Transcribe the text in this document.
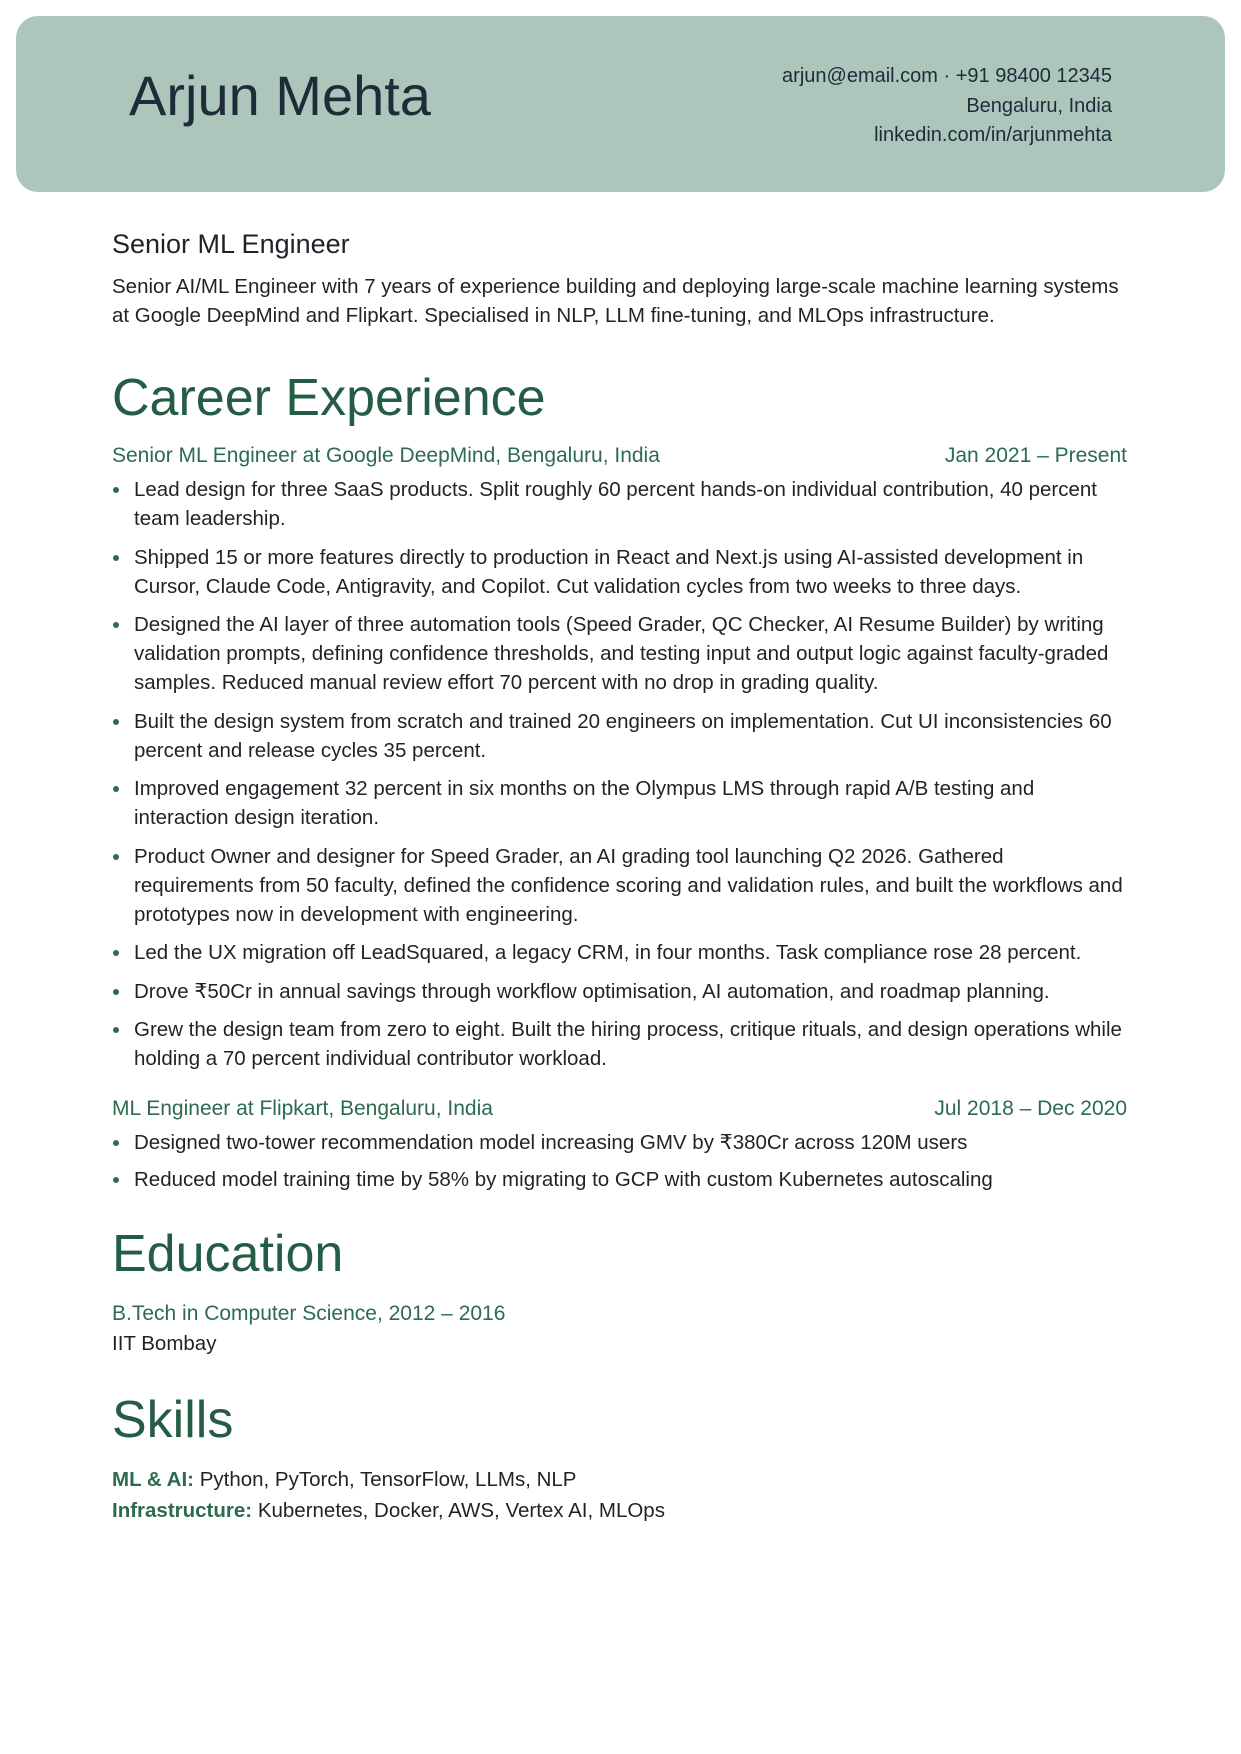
Arjun Mehta	arjun@email.com · +91 98400 12345
Bengaluru, India
linkedin.com/in/arjunmehta
Senior ML Engineer

Senior AI/ML Engineer with 7 years of experience building and deploying large-scale machine learning systems at Google DeepMind and Flipkart. Specialised in NLP, LLM fine-tuning, and MLOps infrastructure.

Career Experience
Senior ML Engineer at Google DeepMind, Bengaluru, India	Jan 2021 – Present
Lead design for three SaaS products. Split roughly 60 percent hands-on individual contribution, 40 percent team leadership.
Shipped 15 or more features directly to production in React and Next.js using AI-assisted development in Cursor, Claude Code, Antigravity, and Copilot. Cut validation cycles from two weeks to three days.
Designed the AI layer of three automation tools (Speed Grader, QC Checker, AI Resume Builder) by writing validation prompts, defining confidence thresholds, and testing input and output logic against faculty-graded samples. Reduced manual review effort 70 percent with no drop in grading quality.
Built the design system from scratch and trained 20 engineers on implementation. Cut UI inconsistencies 60 percent and release cycles 35 percent.
Improved engagement 32 percent in six months on the Olympus LMS through rapid A/B testing and interaction design iteration.
Product Owner and designer for Speed Grader, an AI grading tool launching Q2 2026. Gathered requirements from 50 faculty, defined the confidence scoring and validation rules, and built the workflows and prototypes now in development with engineering.
Led the UX migration off LeadSquared, a legacy CRM, in four months. Task compliance rose 28 percent.
Drove ₹50Cr in annual savings through workflow optimisation, AI automation, and roadmap planning.
Grew the design team from zero to eight. Built the hiring process, critique rituals, and design operations while holding a 70 percent individual contributor workload.
ML Engineer at Flipkart, Bengaluru, India	Jul 2018 – Dec 2020
Designed two-tower recommendation model increasing GMV by ₹380Cr across 120M users
Reduced model training time by 58% by migrating to GCP with custom Kubernetes autoscaling
Education
B.Tech in Computer Science, 2012 – 2016
IIT Bombay
Skills
ML & AI: Python, PyTorch, TensorFlow, LLMs, NLP
Infrastructure: Kubernetes, Docker, AWS, Vertex AI, MLOps
